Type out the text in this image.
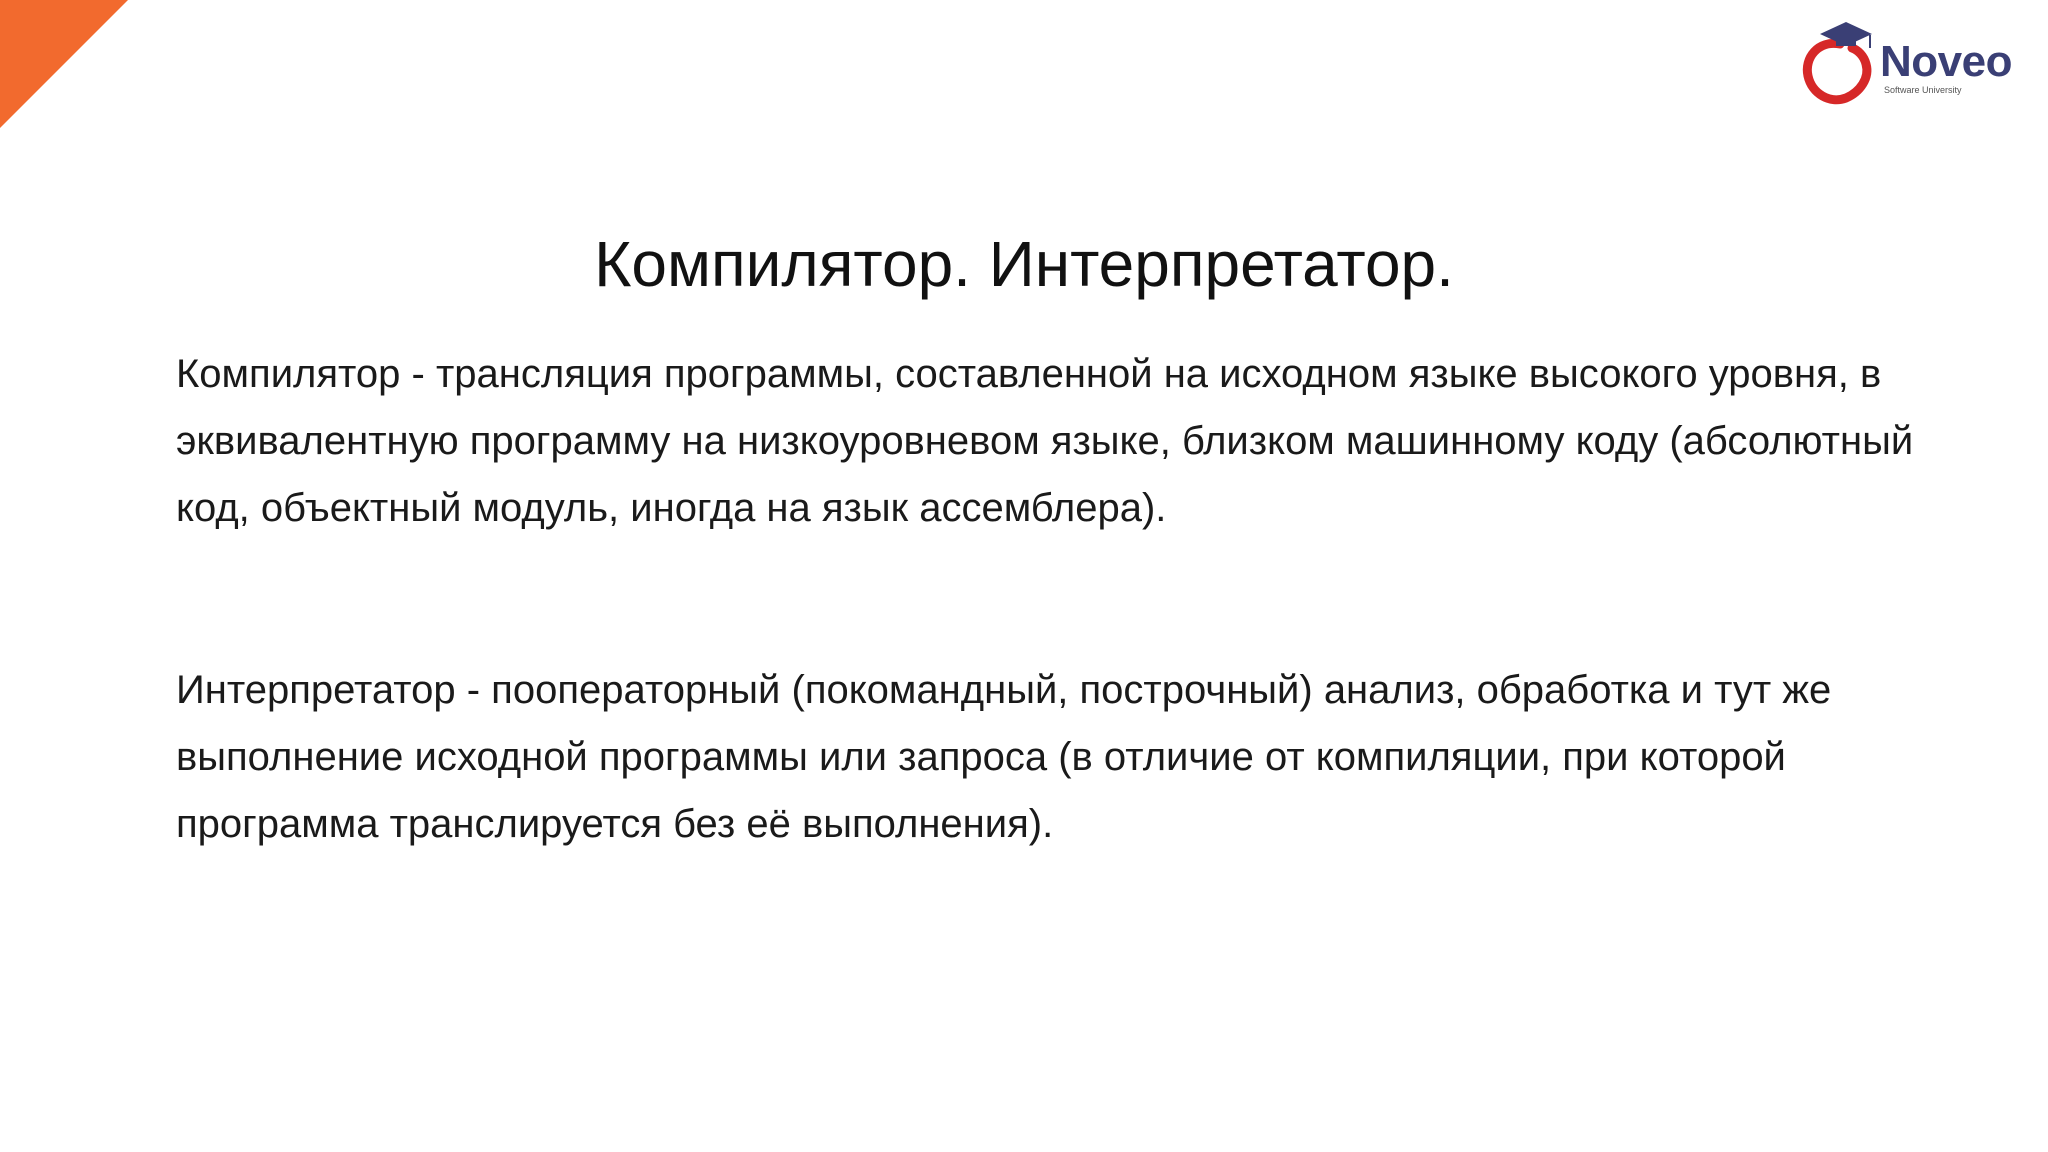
Noveo
Software University
Компилятор. Интерпретатор.

Компилятор - трансляция программы, составленной на исходном языке высокого уровня, в эквивалентную программу на низкоуровневом языке, близком машинному коду (абсолютный код, объектный модуль, иногда на язык ассемблера).

Интерпретатор - пооператорный (покомандный, построчный) анализ, обработка и тут же выполнение исходной программы или запроса (в отличие от компиляции, при которой программа транслируется без её выполнения).
